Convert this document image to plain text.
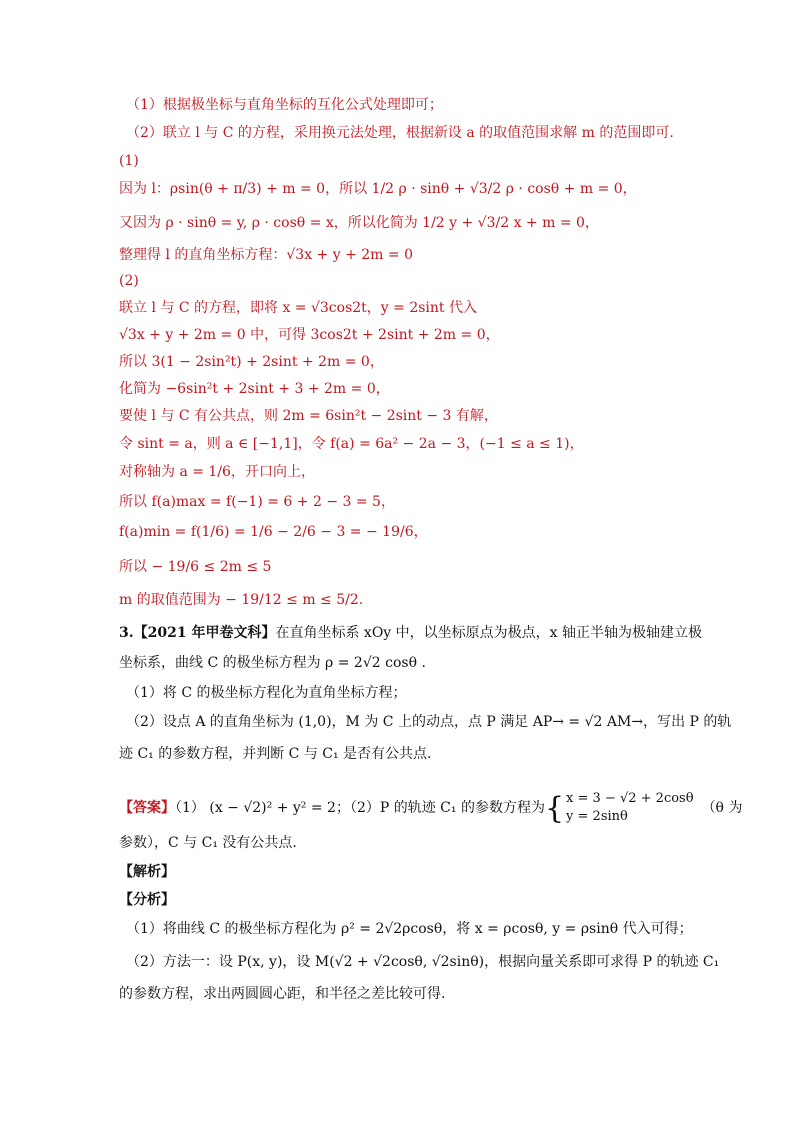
（1）根据极坐标与直角坐标的互化公式处理即可；
（2）联立 l 与 C 的方程，采用换元法处理，根据新设 a 的取值范围求解 m 的范围即可.
(1)
因为 l：ρsin(θ + π/3) + m = 0，所以 1/2 ρ · sinθ + √3/2 ρ · cosθ + m = 0，
又因为 ρ · sinθ = y, ρ · cosθ = x，所以化简为 1/2 y + √3/2 x + m = 0，
整理得 l 的直角坐标方程：√3x + y + 2m = 0
(2)
联立 l 与 C 的方程，即将 x = √3cos2t，y = 2sint 代入
√3x + y + 2m = 0 中，可得 3cos2t + 2sint + 2m = 0，
所以 3(1 − 2sin²t) + 2sint + 2m = 0，
化简为 −6sin²t + 2sint + 3 + 2m = 0，
要使 l 与 C 有公共点，则 2m = 6sin²t − 2sint − 3 有解，
令 sint = a，则 a ∈ [−1,1]，令 f(a) = 6a² − 2a − 3，(−1 ≤ a ≤ 1)，
对称轴为 a = 1/6，开口向上，
所以 f(a)max = f(−1) = 6 + 2 − 3 = 5，
f(a)min = f(1/6) = 1/6 − 2/6 − 3 = − 19/6，
所以 − 19/6 ≤ 2m ≤ 5
m 的取值范围为 − 19/12 ≤ m ≤ 5/2.
3.【2021 年甲卷文科】在直角坐标系 xOy 中，以坐标原点为极点，x 轴正半轴为极轴建立极
坐标系，曲线 C 的极坐标方程为 ρ = 2√2 cosθ .
（1）将 C 的极坐标方程化为直角坐标方程；
（2）设点 A 的直角坐标为 (1,0)，M 为 C 上的动点，点 P 满足 AP→ = √2 AM→，写出 P 的轨
迹 C₁ 的参数方程，并判断 C 与 C₁ 是否有公共点.
【答案】（1） (x − √2)² + y² = 2；（2）P 的轨迹 C₁ 的参数方程为{ x = 3 − √2 + 2cosθ
y = 2sinθ
（θ 为
参数），C 与 C₁ 没有公共点.
【解析】
【分析】
（1）将曲线 C 的极坐标方程化为 ρ² = 2√2ρcosθ，将 x = ρcosθ, y = ρsinθ 代入可得；
（2）方法一：设 P(x, y)，设 M(√2 + √2cosθ, √2sinθ)，根据向量关系即可求得 P 的轨迹 C₁
的参数方程，求出两圆圆心距，和半径之差比较可得.
